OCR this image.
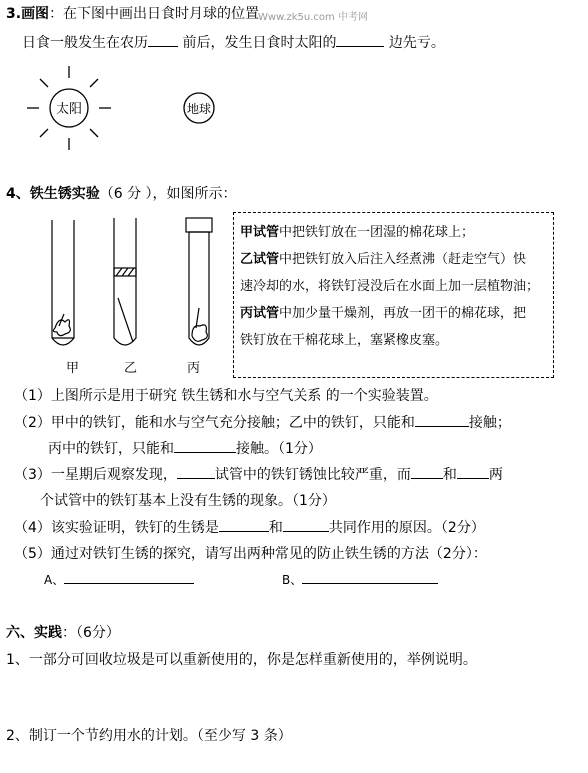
3.画图：在下图中画出日食时月球的位置
Www.zk5u.com 中考网
日食一般发生在农历 前后，发生日食时太阳的	边先亏。
太阳	地球
4、铁生锈实验（6 分 ），如图所示：
甲	乙	丙

甲试管中把铁钉放在一团湿的棉花球上；

乙试管中把铁钉放入后注入经煮沸（赶走空气）快

速冷却的水，将铁钉浸没后在水面上加一层植物油；

丙试管中加少量干燥剂，再放一团干的棉花球，把

铁钉放在干棉花球上，塞紧橡皮塞。

（1）上图所示是用于研究 铁生锈和水与空气关系 的一个实验装置。
（2）甲中的铁钉，能和水与空气充分接触；乙中的铁钉，只能和	接触；
丙中的铁钉，只能和	接触。（1分）
（3）一星期后观察发现，	试管中的铁钉锈蚀比较严重，而 和 两
个试管中的铁钉基本上没有生锈的现象。（1分）
（4）该实验证明，铁钉的生锈是	和	共同作用的原因。（2分）
（5）通过对铁钉生锈的探究，请写出两种常见的防止铁生锈的方法（2分）：
A、	B、
六、实践：（6分）
1、一部分可回收垃圾是可以重新使用的，你是怎样重新使用的，举例说明。
2、制订一个节约用水的计划。（至少写 3 条）
